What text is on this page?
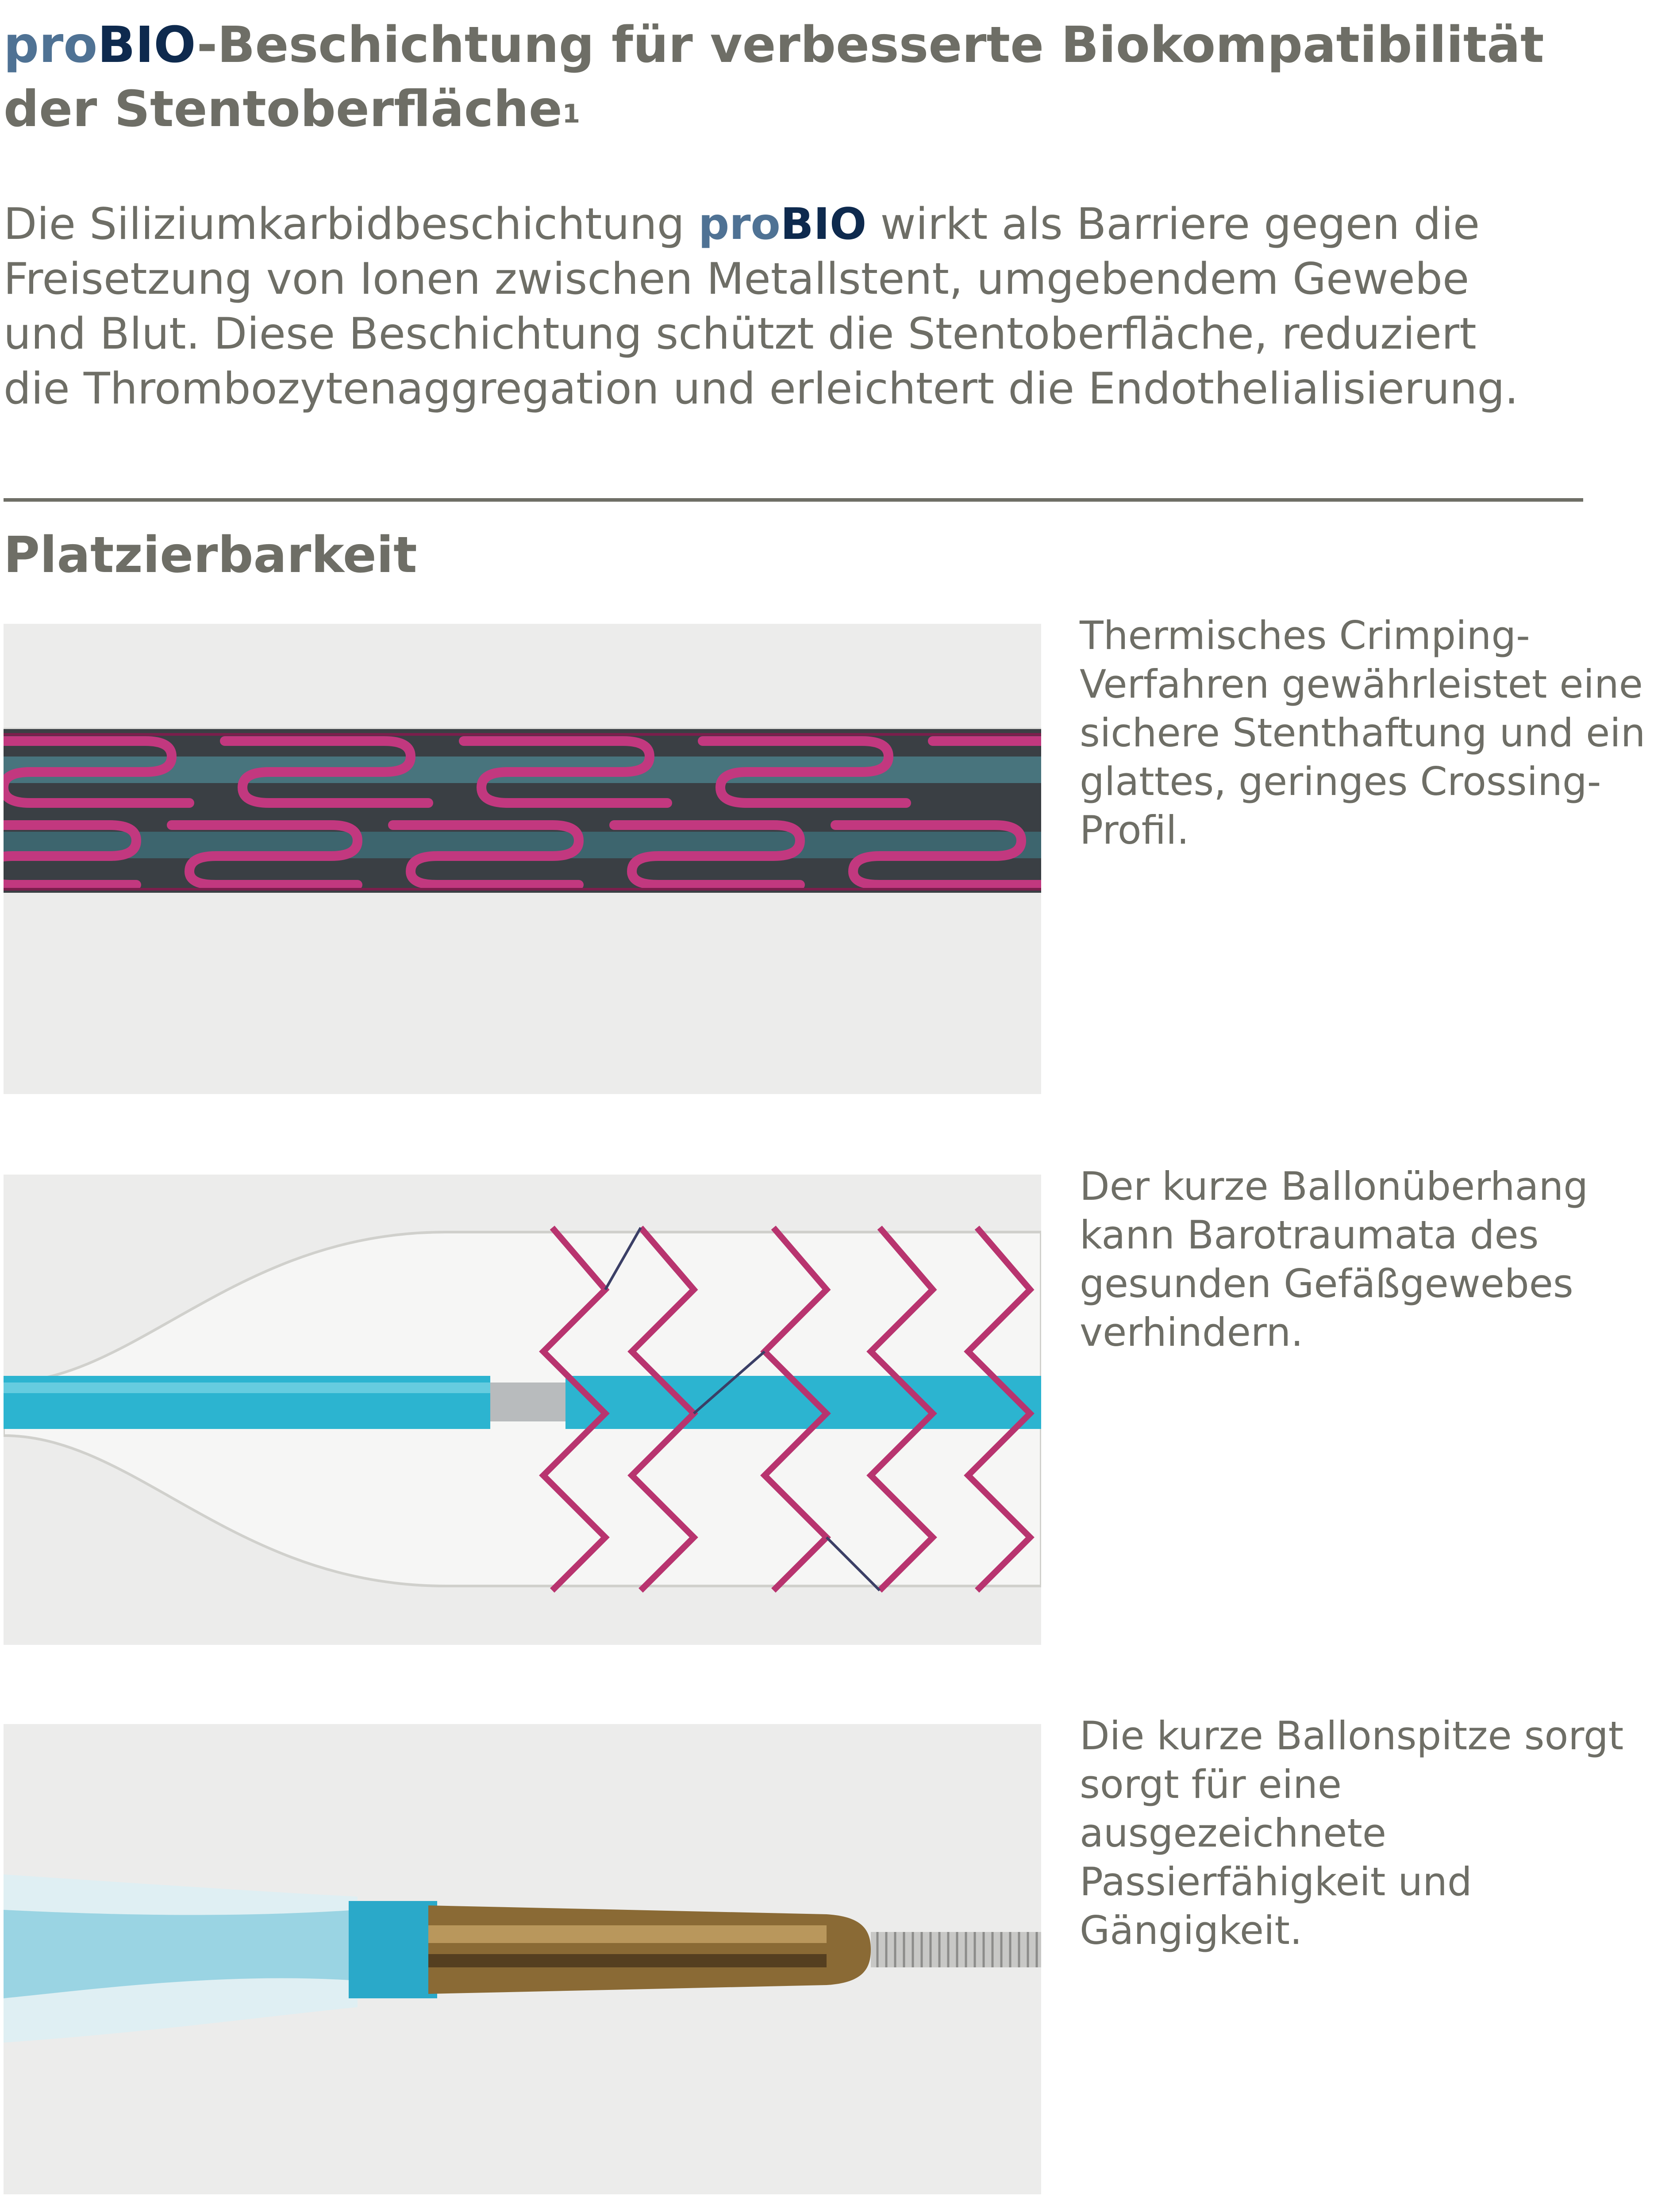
proBIO-Beschichtung für verbesserte Biokompatibilität der Stentoberfläche$^1$

Die Siliziumkarbidbeschichtung proBIO wirkt als Barriere gegen die Freisetzung von Ionen zwischen Metallstent, umgebendem Gewebe und Blut. Diese Beschichtung schützt die Stentoberfläche, reduziert die Thrombozytenaggregation und erleichtert die Endothelialisierung.

Platzierbarkeit

Thermisches Crimping-Verfahren gewährleistet eine sichere Stenthaftung und ein glattes, geringes Crossing-Profil.

Der kurze Ballonüberhang kann Barotraumata des gesunden Gefäßgewebes verhindern.

Die kurze Ballonspitze sorgt sorgt für eine ausgezeichnete Passierfähigkeit und Gängigkeit.
